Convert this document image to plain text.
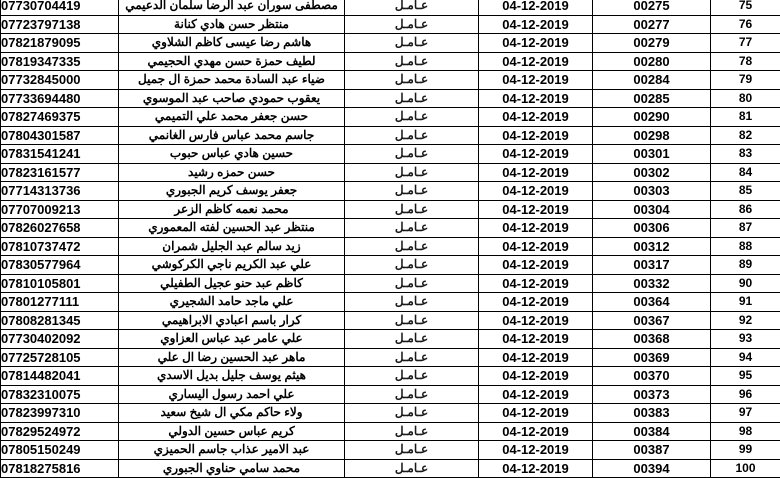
07730704419	مصطفى سوران عبد الرضا سلمان الدعيمي	عـامـل	04-12-2019	00275	75
07723797138	منتظر حسن هادي كنانة	عـامـل	04-12-2019	00277	76
07821879095	هاشم رضا عيسى كاظم الشلاوي	عـامـل	04-12-2019	00279	77
07819347335	لطيف حمزة حسن مهدي الحجيمي	عـامـل	04-12-2019	00280	78
07732845000	ضياء عبد السادة محمد حمزة ال جميل	عـامـل	04-12-2019	00284	79
07733694480	يعقوب حمودي صاحب عبد الموسوي	عـامـل	04-12-2019	00285	80
07827469375	حسن جعفر محمد علي التميمي	عـامـل	04-12-2019	00290	81
07804301587	جاسم محمد عباس فارس الغانمي	عـامـل	04-12-2019	00298	82
07831541241	حسين هادي عباس حبوب	عـامـل	04-12-2019	00301	83
07823161577	حسن حمزه رشيد	عـامـل	04-12-2019	00302	84
07714313736	جعفر يوسف كريم الجبوري	عـامـل	04-12-2019	00303	85
07707009213	محمد نعمه كاظم الزعر	عـامـل	04-12-2019	00304	86
07826027658	منتظر عبد الحسين لفته المعموري	عـامـل	04-12-2019	00306	87
07810737472	زيد سالم عبد الجليل شمران	عـامـل	04-12-2019	00312	88
07830577964	علي عبد الكريم ناجي الكركوشي	عـامـل	04-12-2019	00317	89
07810105801	كاظم عبد حنو عجيل الطفيلي	عـامـل	04-12-2019	00332	90
07801277111	علي ماجد حامد الشجيري	عـامـل	04-12-2019	00364	91
07808281345	كرار باسم اعبادي الابراهيمي	عـامـل	04-12-2019	00367	92
07730402092	علي عامر عبد عباس العزاوي	عـامـل	04-12-2019	00368	93
07725728105	ماهر عبد الحسين رضا ال علي	عـامـل	04-12-2019	00369	94
07814482041	هيثم يوسف جليل بديل الاسدي	عـامـل	04-12-2019	00370	95
07832310075	علي احمد رسول اليساري	عـامـل	04-12-2019	00373	96
07823997310	ولاء حاكم مكي ال شيخ سعيد	عـامـل	04-12-2019	00383	97
07829524972	كريم عباس حسين الدولي	عـامـل	04-12-2019	00384	98
07805150249	عبد الامير عذاب جاسم الحميزي	عـامـل	04-12-2019	00387	99
07818275816	محمد سامي حناوي الجبوري	عـامـل	04-12-2019	00394	100
